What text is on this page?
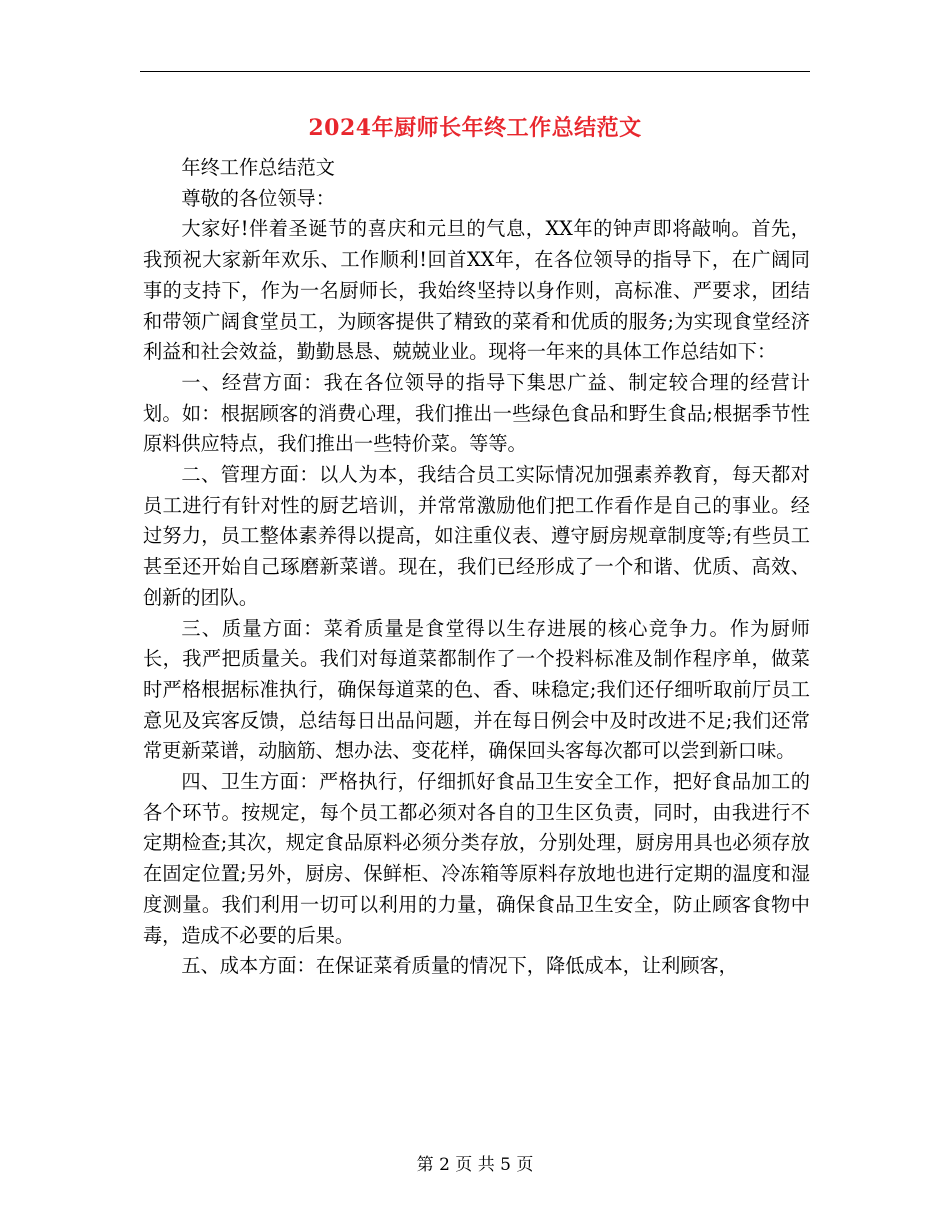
2024年厨师长年终工作总结范文

年终工作总结范文

尊敬的各位领导：

大家好!伴着圣诞节的喜庆和元旦的气息，XX年的钟声即将敲响。首先，我预祝大家新年欢乐、工作顺利!回首XX年，在各位领导的指导下，在广阔同事的支持下，作为一名厨师长，我始终坚持以身作则，高标准、严要求，团结和带领广阔食堂员工，为顾客提供了精致的菜肴和优质的服务;为实现食堂经济利益和社会效益，勤勤恳恳、兢兢业业。现将一年来的具体工作总结如下：

一、经营方面：我在各位领导的指导下集思广益、制定较合理的经营计划。如：根据顾客的消费心理，我们推出一些绿色食品和野生食品;根据季节性原料供应特点，我们推出一些特价菜。等等。

二、管理方面：以人为本，我结合员工实际情况加强素养教育，每天都对员工进行有针对性的厨艺培训，并常常激励他们把工作看作是自己的事业。经过努力，员工整体素养得以提高，如注重仪表、遵守厨房规章制度等;有些员工甚至还开始自己琢磨新菜谱。现在，我们已经形成了一个和谐、优质、高效、创新的团队。

三、质量方面：菜肴质量是食堂得以生存进展的核心竞争力。作为厨师长，我严把质量关。我们对每道菜都制作了一个投料标准及制作程序单，做菜时严格根据标准执行，确保每道菜的色、香、味稳定;我们还仔细听取前厅员工意见及宾客反馈，总结每日出品问题，并在每日例会中及时改进不足;我们还常常更新菜谱，动脑筋、想办法、变花样，确保回头客每次都可以尝到新口味。

四、卫生方面：严格执行，仔细抓好食品卫生安全工作，把好食品加工的各个环节。按规定，每个员工都必须对各自的卫生区负责，同时，由我进行不定期检查;其次，规定食品原料必须分类存放，分别处理，厨房用具也必须存放在固定位置;另外，厨房、保鲜柜、冷冻箱等原料存放地也进行定期的温度和湿度测量。我们利用一切可以利用的力量，确保食品卫生安全，防止顾客食物中毒，造成不必要的后果。

五、成本方面：在保证菜肴质量的情况下，降低成本，让利顾客，

第 2 页 共 5 页
